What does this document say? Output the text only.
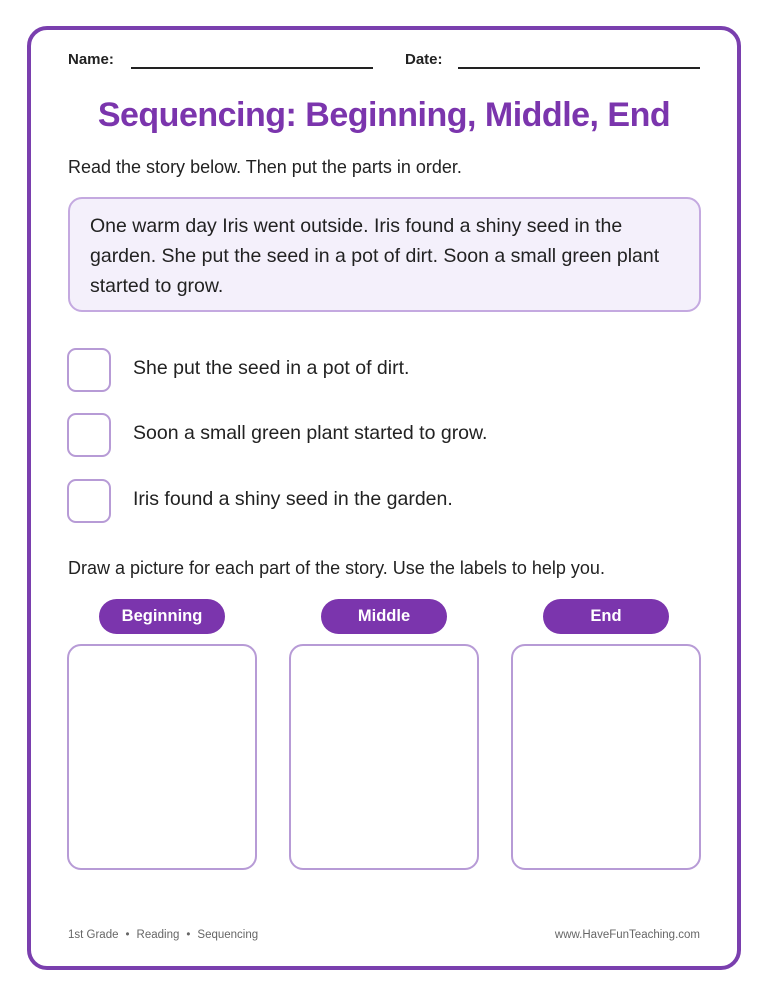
Name:	Date:
Sequencing: Beginning, Middle, End

Read the story below. Then put the parts in order.

One warm day Iris went outside. Iris found a shiny seed in the garden. She put the seed in a pot of dirt. Soon a small green plant started to grow.

She put the seed in a pot of dirt.
Soon a small green plant started to grow.
Iris found a shiny seed in the garden.

Draw a picture for each part of the story. Use the labels to help you.

Beginning	Middle	End
1st Grade • Reading • Sequencing	www.HaveFunTeaching.com
